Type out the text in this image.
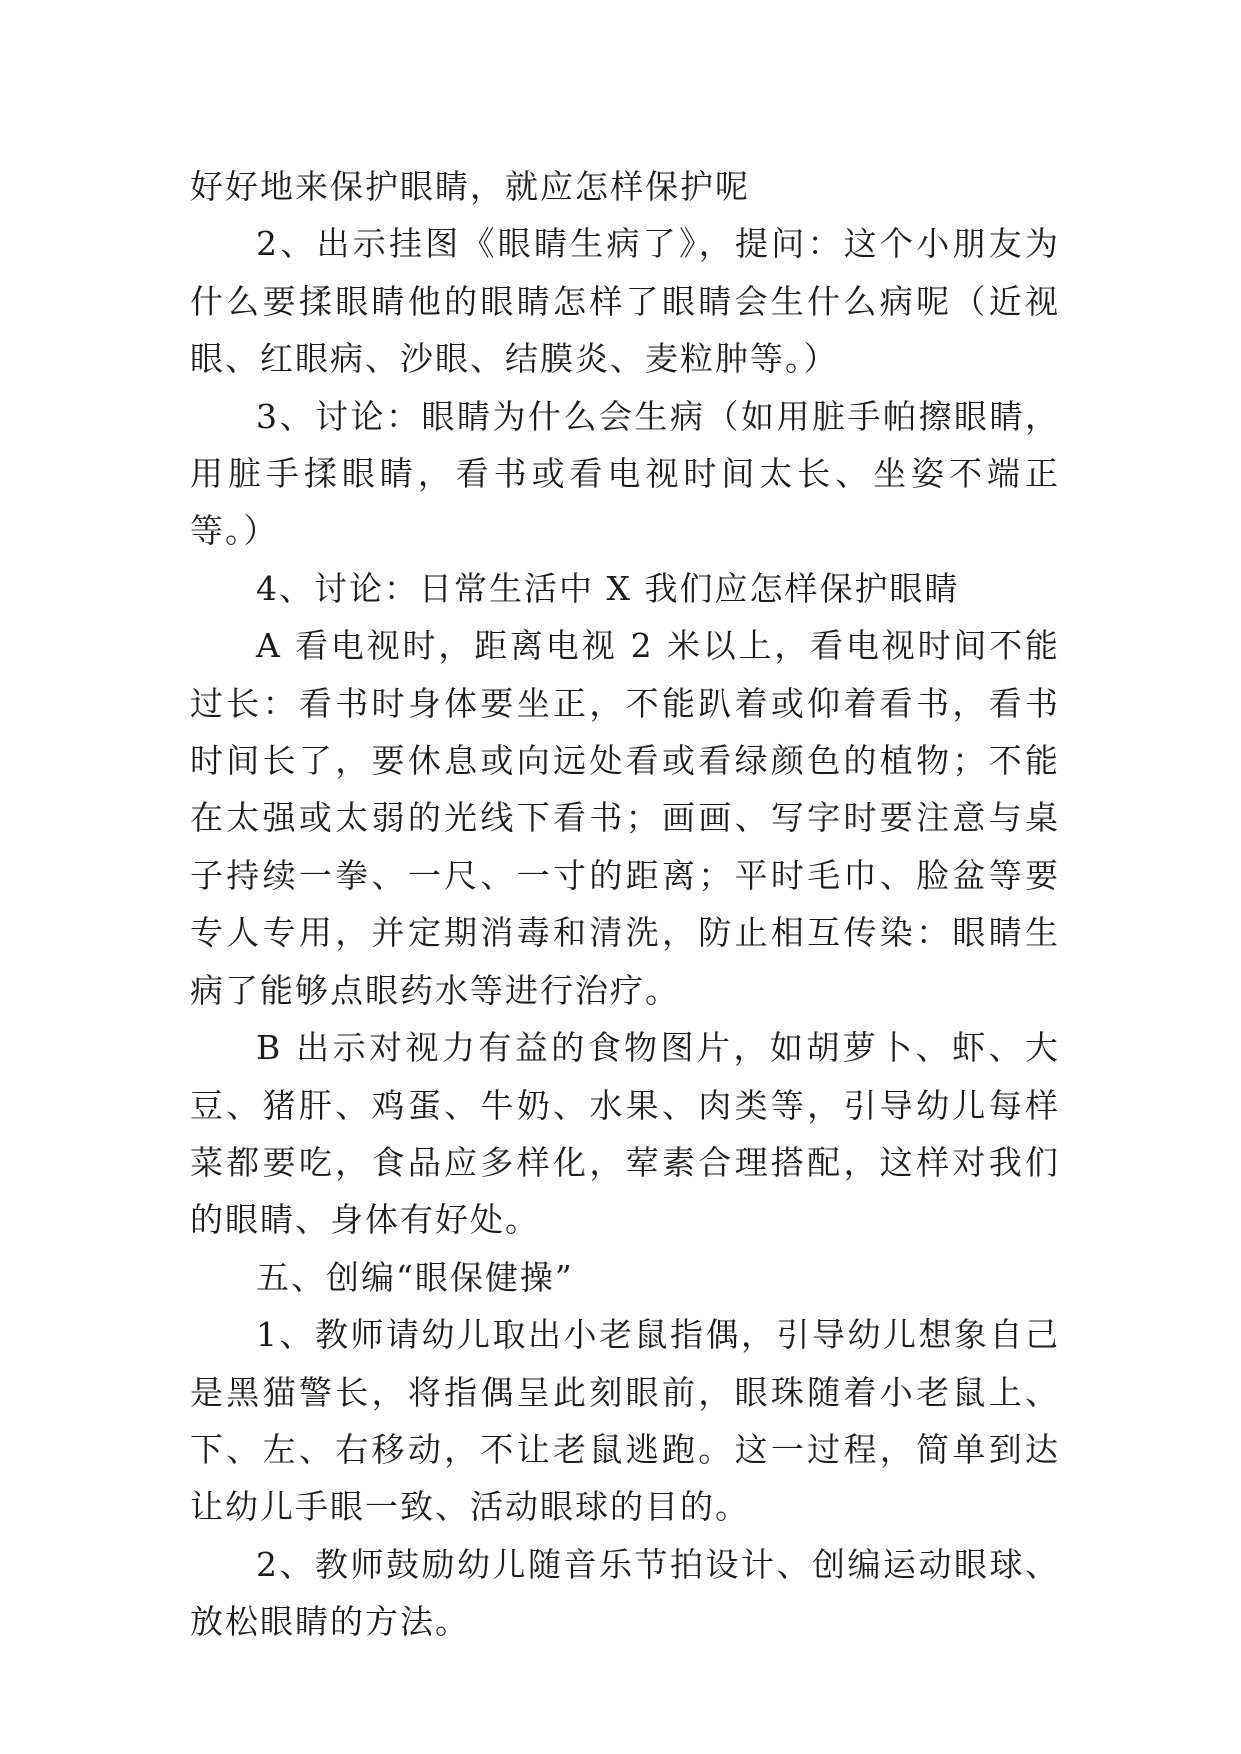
好好地来保护眼睛，就应怎样保护呢

2、出示挂图《眼睛生病了》，提问：这个小朋友为什么要揉眼睛他的眼睛怎样了眼睛会生什么病呢（近视眼、红眼病、沙眼、结膜炎、麦粒肿等。）

3、讨论：眼睛为什么会生病（如用脏手帕擦眼睛，用脏手揉眼睛，看书或看电视时间太长、坐姿不端正等。）

4、讨论：日常生活中 X 我们应怎样保护眼睛

A 看电视时，距离电视 2 米以上，看电视时间不能过长：看书时身体要坐正，不能趴着或仰着看书，看书时间长了，要休息或向远处看或看绿颜色的植物；不能在太强或太弱的光线下看书；画画、写字时要注意与桌子持续一拳、一尺、一寸的距离；平时毛巾、脸盆等要专人专用，并定期消毒和清洗，防止相互传染：眼睛生病了能够点眼药水等进行治疗。

B 出示对视力有益的食物图片，如胡萝卜、虾、大豆、猪肝、鸡蛋、牛奶、水果、肉类等，引导幼儿每样菜都要吃，食品应多样化，荤素合理搭配，这样对我们的眼睛、身体有好处。

五、创编“眼保健操”

1、教师请幼儿取出小老鼠指偶，引导幼儿想象自己是黑猫警长，将指偶呈此刻眼前，眼珠随着小老鼠上、下、左、右移动，不让老鼠逃跑。这一过程，简单到达让幼儿手眼一致、活动眼球的目的。

2、教师鼓励幼儿随音乐节拍设计、创编运动眼球、放松眼睛的方法。
